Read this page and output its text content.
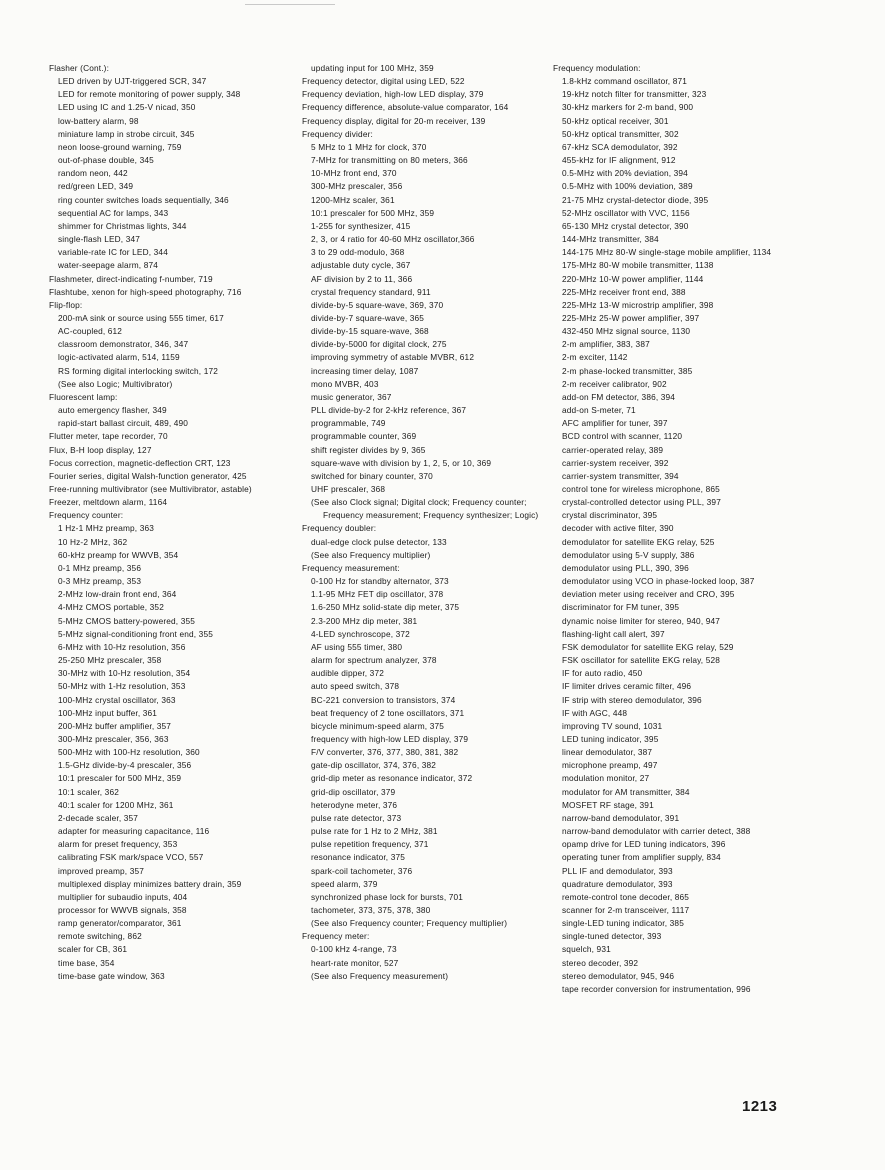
Flasher (Cont.):
LED driven by UJT-triggered SCR, 347
LED for remote monitoring of power supply, 348
LED using IC and 1.25-V nicad, 350
low-battery alarm, 98
miniature lamp in strobe circuit, 345
neon loose-ground warning, 759
out-of-phase double, 345
random neon, 442
red/green LED, 349
ring counter switches loads sequentially, 346
sequential AC for lamps, 343
shimmer for Christmas lights, 344
single-flash LED, 347
variable-rate IC for LED, 344
water-seepage alarm, 874
Flashmeter, direct-indicating f-number, 719
Flashtube, xenon for high-speed photography, 716
Flip-flop:
200-mA sink or source using 555 timer, 617
AC-coupled, 612
classroom demonstrator, 346, 347
logic-activated alarm, 514, 1159
RS forming digital interlocking switch, 172
(See also Logic; Multivibrator)
Fluorescent lamp:
auto emergency flasher, 349
rapid-start ballast circuit, 489, 490
Flutter meter, tape recorder, 70
Flux, B-H loop display, 127
Focus correction, magnetic-deflection CRT, 123
Fourier series, digital Walsh-function generator, 425
Free-running multivibrator (see Multivibrator, astable)
Freezer, meltdown alarm, 1164
Frequency counter:
1 Hz-1 MHz preamp, 363
10 Hz-2 MHz, 362
60-kHz preamp for WWVB, 354
0-1 MHz preamp, 356
0-3 MHz preamp, 353
2-MHz low-drain front end, 364
4-MHz CMOS portable, 352
5-MHz CMOS battery-powered, 355
5-MHz signal-conditioning front end, 355
6-MHz with 10-Hz resolution, 356
25-250 MHz prescaler, 358
30-MHz with 10-Hz resolution, 354
50-MHz with 1-Hz resolution, 353
100-MHz crystal oscillator, 363
100-MHz input buffer, 361
200-MHz buffer amplifier, 357
300-MHz prescaler, 356, 363
500-MHz with 100-Hz resolution, 360
1.5-GHz divide-by-4 prescaler, 356
10:1 prescaler for 500 MHz, 359
10:1 scaler, 362
40:1 scaler for 1200 MHz, 361
2-decade scaler, 357
adapter for measuring capacitance, 116
alarm for preset frequency, 353
calibrating FSK mark/space VCO, 557
improved preamp, 357
multiplexed display minimizes battery drain, 359
multiplier for subaudio inputs, 404
processor for WWVB signals, 358
ramp generator/comparator, 361
remote switching, 862
scaler for CB, 361
time base, 354
time-base gate window, 363
updating input for 100 MHz, 359
Frequency detector, digital using LED, 522
Frequency deviation, high-low LED display, 379
Frequency difference, absolute-value comparator, 164
Frequency display, digital for 20-m receiver, 139
Frequency divider:
5 MHz to 1 MHz for clock, 370
7-MHz for transmitting on 80 meters, 366
10-MHz front end, 370
300-MHz prescaler, 356
1200-MHz scaler, 361
10:1 prescaler for 500 MHz, 359
1-255 for synthesizer, 415
2, 3, or 4 ratio for 40-60 MHz oscillator,366
3 to 29 odd-modulo, 368
adjustable duty cycle, 367
AF division by 2 to 11, 366
crystal frequency standard, 911
divide-by-5 square-wave, 369, 370
divide-by-7 square-wave, 365
divide-by-15 square-wave, 368
divide-by-5000 for digital clock, 275
improving symmetry of astable MVBR, 612
increasing timer delay, 1087
mono MVBR, 403
music generator, 367
PLL divide-by-2 for 2-kHz reference, 367
programmable, 749
programmable counter, 369
shift register divides by 9, 365
square-wave with division by 1, 2, 5, or 10, 369
switched for binary counter, 370
UHF prescaler, 368
(See also Clock signal; Digital clock; Frequency counter; Frequency measurement; Frequency synthesizer; Logic)
Frequency doubler:
dual-edge clock pulse detector, 133
(See also Frequency multiplier)
Frequency measurement:
0-100 Hz for standby alternator, 373
1.1-95 MHz FET dip oscillator, 378
1.6-250 MHz solid-state dip meter, 375
2.3-200 MHz dip meter, 381
4-LED synchroscope, 372
AF using 555 timer, 380
alarm for spectrum analyzer, 378
audible dipper, 372
auto speed switch, 378
BC-221 conversion to transistors, 374
beat frequency of 2 tone oscillators, 371
bicycle minimum-speed alarm, 375
frequency with high-low LED display, 379
F/V converter, 376, 377, 380, 381, 382
gate-dip oscillator, 374, 376, 382
grid-dip meter as resonance indicator, 372
grid-dip oscillator, 379
heterodyne meter, 376
pulse rate detector, 373
pulse rate for 1 Hz to 2 MHz, 381
pulse repetition frequency, 371
resonance indicator, 375
spark-coil tachometer, 376
speed alarm, 379
synchronized phase lock for bursts, 701
tachometer, 373, 375, 378, 380
(See also Frequency counter; Frequency multiplier)
Frequency meter:
0-100 kHz 4-range, 73
heart-rate monitor, 527
(See also Frequency measurement)
Frequency modulation:
1.8-kHz command oscillator, 871
19-kHz notch filter for transmitter, 323
30-kHz markers for 2-m band, 900
50-kHz optical receiver, 301
50-kHz optical transmitter, 302
67-kHz SCA demodulator, 392
455-kHz for IF alignment, 912
0.5-MHz with 20% deviation, 394
0.5-MHz with 100% deviation, 389
21-75 MHz crystal-detector diode, 395
52-MHz oscillator with VVC, 1156
65-130 MHz crystal detector, 390
144-MHz transmitter, 384
144-175 MHz 80-W single-stage mobile amplifier, 1134
175-MHz 80-W mobile transmitter, 1138
220-MHz 10-W power amplifier, 1144
225-MHz receiver front end, 388
225-MHz 13-W microstrip amplifier, 398
225-MHz 25-W power amplifier, 397
432-450 MHz signal source, 1130
2-m amplifier, 383, 387
2-m exciter, 1142
2-m phase-locked transmitter, 385
2-m receiver calibrator, 902
add-on FM detector, 386, 394
add-on S-meter, 71
AFC amplifier for tuner, 397
BCD control with scanner, 1120
carrier-operated relay, 389
carrier-system receiver, 392
carrier-system transmitter, 394
control tone for wireless microphone, 865
crystal-controlled detector using PLL, 397
crystal discriminator, 395
decoder with active filter, 390
demodulator for satellite EKG relay, 525
demodulator using 5-V supply, 386
demodulator using PLL, 390, 396
demodulator using VCO in phase-locked loop, 387
deviation meter using receiver and CRO, 395
discriminator for FM tuner, 395
dynamic noise limiter for stereo, 940, 947
flashing-light call alert, 397
FSK demodulator for satellite EKG relay, 529
FSK oscillator for satellite EKG relay, 528
IF for auto radio, 450
IF limiter drives ceramic filter, 496
IF strip with stereo demodulator, 396
IF with AGC, 448
improving TV sound, 1031
LED tuning indicator, 395
linear demodulator, 387
microphone preamp, 497
modulation monitor, 27
modulator for AM transmitter, 384
MOSFET RF stage, 391
narrow-band demodulator, 391
narrow-band demodulator with carrier detect, 388
opamp drive for LED tuning indicators, 396
operating tuner from amplifier supply, 834
PLL IF and demodulator, 393
quadrature demodulator, 393
remote-control tone decoder, 865
scanner for 2-m transceiver, 1117
single-LED tuning indicator, 385
single-tuned detector, 393
squelch, 931
stereo decoder, 392
stereo demodulator, 945, 946
tape recorder conversion for instrumentation, 996
1213
